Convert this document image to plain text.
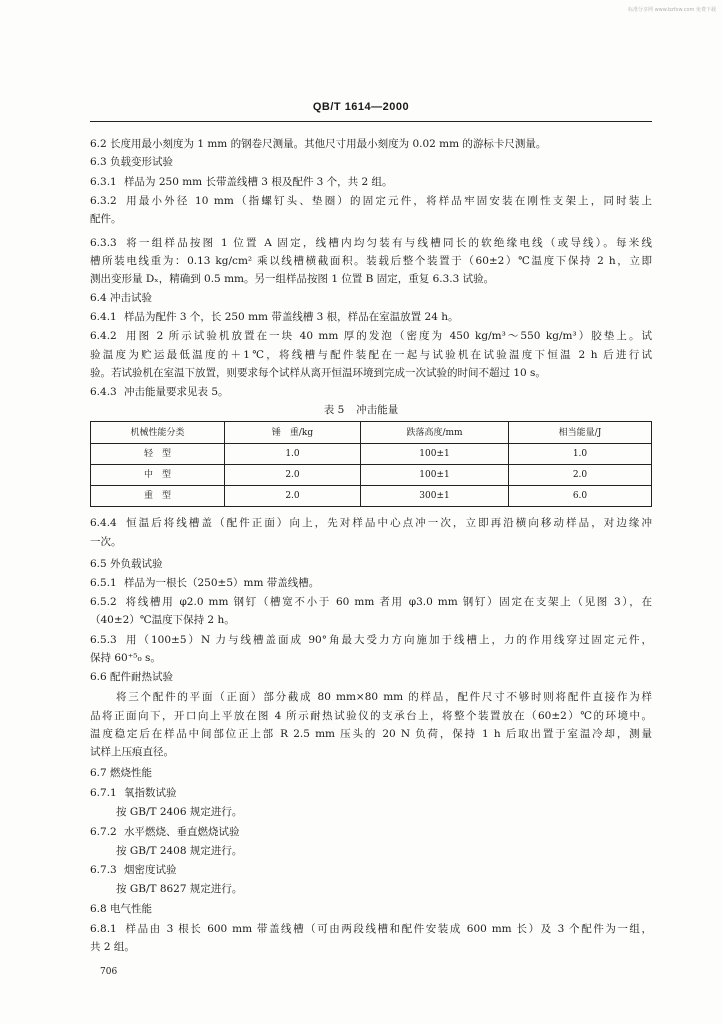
标准分享网 www.bzfxw.com 免费下载
QB/T 1614—2000
6.2 长度用最小刻度为 1 mm 的钢卷尺测量。其他尺寸用最小刻度为 0.02 mm 的游标卡尺测量。
6.3 负载变形试验
6.3.1 样品为 250 mm 长带盖线槽 3 根及配件 3 个，共 2 组。
6.3.2 用最小外径 10 mm（指螺钉头、垫圈）的固定元件，将样品牢固安装在刚性支架上，同时装上
配件。
6.3.3 将一组样品按图 1 位置 A 固定，线槽内均匀装有与线槽同长的软绝缘电线（或导线）。每米线
槽所装电线重为：0.13 kg/cm² 乘以线槽横截面积。装载后整个装置于（60±2）℃温度下保持 2 h，立即
测出变形量 Dₓ，精确到 0.5 mm。另一组样品按图 1 位置 B 固定，重复 6.3.3 试验。
6.4 冲击试验
6.4.1 样品为配件 3 个，长 250 mm 带盖线槽 3 根，样品在室温放置 24 h。
6.4.2 用图 2 所示试验机放置在一块 40 mm 厚的发泡（密度为 450 kg/m³～550 kg/m³）胶垫上。试
验温度为贮运最低温度的＋1℃，将线槽与配件装配在一起与试验机在试验温度下恒温 2 h 后进行试
验。若试验机在室温下放置，则要求每个试样从离开恒温环境到完成一次试验的时间不超过 10 s。
6.4.3 冲击能量要求见表 5。
6.4.4 恒温后将线槽盖（配件正面）向上，先对样品中心点冲一次，立即再沿横向移动样品，对边缘冲
一次。
6.5 外负载试验
6.5.1 样品为一根长（250±5）mm 带盖线槽。
6.5.2 将线槽用 φ2.0 mm 钢钉（槽宽不小于 60 mm 者用 φ3.0 mm 钢钉）固定在支架上（见图 3），在
（40±2）℃温度下保持 2 h。
6.5.3 用（100±5）N 力与线槽盖面成 90°角最大受力方向施加于线槽上，力的作用线穿过固定元件，
保持 60⁺⁵₀ s。
6.6 配件耐热试验
将三个配件的平面（正面）部分截成 80 mm×80 mm 的样品，配件尺寸不够时则将配件直接作为样
品将正面向下，开口向上平放在图 4 所示耐热试验仪的支承台上，将整个装置放在（60±2）℃的环境中。
温度稳定后在样品中间部位正上部 R 2.5 mm 压头的 20 N 负荷，保持 1 h 后取出置于室温冷却，测量
试样上压痕直径。
6.7 燃烧性能
6.7.1 氧指数试验
按 GB/T 2406 规定进行。
6.7.2 水平燃烧、垂直燃烧试验
按 GB/T 2408 规定进行。
6.7.3 烟密度试验
按 GB/T 8627 规定进行。
6.8 电气性能
6.8.1 样品由 3 根长 600 mm 带盖线槽（可由两段线槽和配件安装成 600 mm 长）及 3 个配件为一组，
共 2 组。
表 5 冲击能量
机械性能分类	锤　重/kg	跌落高度/mm	相当能量/J
轻　型	1.0	100±1	1.0
中　型	2.0	100±1	2.0
重　型	2.0	300±1	6.0
706
